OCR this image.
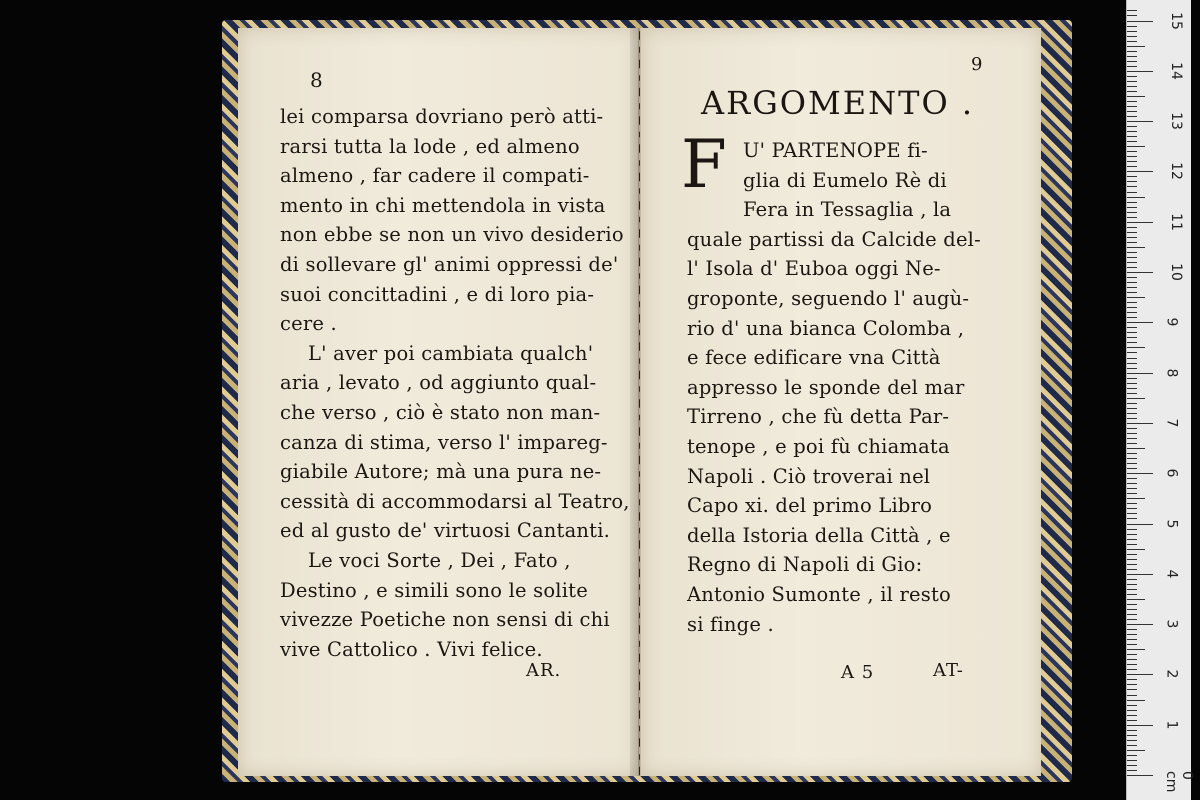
8
lei comparsa dovriano però atti-
rarsi tutta la lode , ed almeno
almeno , far cadere il compati-
mento in chi mettendola in vista
non ebbe se non un vivo desiderio
di sollevare gl' animi oppressi de'
suoi concittadini , e di loro pia-
cere .
L' aver poi cambiata qualch'
aria , levato , od aggiunto qual-
che verso , ciò è stato non man-
canza di stima, verso l' impareg-
giabile Autore; mà una pura ne-
cessità di accommodarsi al Teatro,
ed al gusto de' virtuosi Cantanti.
Le voci Sorte , Dei , Fato ,
Destino , e simili sono le solite
vivezze Poetiche non sensi di chi
vive Cattolico . Vivi felice.
AR.
9
ARGOMENTO .
F U' PARTENOPE fi-
glia di Eumelo Rè di
Fera in Tessaglia , la
quale partissi da Calcide del-
l' Isola d' Euboa oggi Ne-
groponte, seguendo l' augù-
rio d' una bianca Colomba ,
e fece edificare vna Città
appresso le sponde del mar
Tirreno , che fù detta Par-
tenope , e poi fù chiamata
Napoli . Ciò troverai nel
Capo xi. del primo Libro
della Istoria della Città , e
Regno di Napoli di Gio:
Antonio Sumonte , il resto
si finge .
A 5	AT-
0 cm
1
2
3
4
5
6
7
8
9
10
11
12
13
14
15
